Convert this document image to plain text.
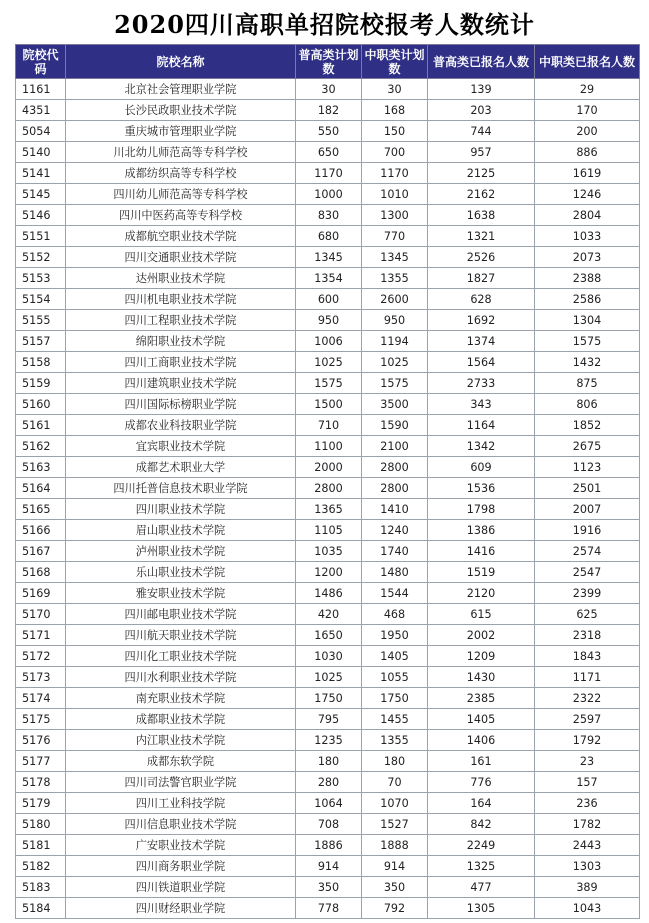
2020四川高职单招院校报考人数统计
院校代码	院校名称	普高类计划数	中职类计划数	普高类已报名人数	中职类已报名人数
1161	北京社会管理职业学院	30	30	139	29
4351	长沙民政职业技术学院	182	168	203	170
5054	重庆城市管理职业学院	550	150	744	200
5140	川北幼儿师范高等专科学校	650	700	957	886
5141	成都纺织高等专科学校	1170	1170	2125	1619
5145	四川幼儿师范高等专科学校	1000	1010	2162	1246
5146	四川中医药高等专科学校	830	1300	1638	2804
5151	成都航空职业技术学院	680	770	1321	1033
5152	四川交通职业技术学院	1345	1345	2526	2073
5153	达州职业技术学院	1354	1355	1827	2388
5154	四川机电职业技术学院	600	2600	628	2586
5155	四川工程职业技术学院	950	950	1692	1304
5157	绵阳职业技术学院	1006	1194	1374	1575
5158	四川工商职业技术学院	1025	1025	1564	1432
5159	四川建筑职业技术学院	1575	1575	2733	875
5160	四川国际标榜职业学院	1500	3500	343	806
5161	成都农业科技职业学院	710	1590	1164	1852
5162	宜宾职业技术学院	1100	2100	1342	2675
5163	成都艺术职业大学	2000	2800	609	1123
5164	四川托普信息技术职业学院	2800	2800	1536	2501
5165	四川职业技术学院	1365	1410	1798	2007
5166	眉山职业技术学院	1105	1240	1386	1916
5167	泸州职业技术学院	1035	1740	1416	2574
5168	乐山职业技术学院	1200	1480	1519	2547
5169	雅安职业技术学院	1486	1544	2120	2399
5170	四川邮电职业技术学院	420	468	615	625
5171	四川航天职业技术学院	1650	1950	2002	2318
5172	四川化工职业技术学院	1030	1405	1209	1843
5173	四川水利职业技术学院	1025	1055	1430	1171
5174	南充职业技术学院	1750	1750	2385	2322
5175	成都职业技术学院	795	1455	1405	2597
5176	内江职业技术学院	1235	1355	1406	1792
5177	成都东软学院	180	180	161	23
5178	四川司法警官职业学院	280	70	776	157
5179	四川工业科技学院	1064	1070	164	236
5180	四川信息职业技术学院	708	1527	842	1782
5181	广安职业技术学院	1886	1888	2249	2443
5182	四川商务职业学院	914	914	1325	1303
5183	四川铁道职业学院	350	350	477	389
5184	四川财经职业学院	778	792	1305	1043
